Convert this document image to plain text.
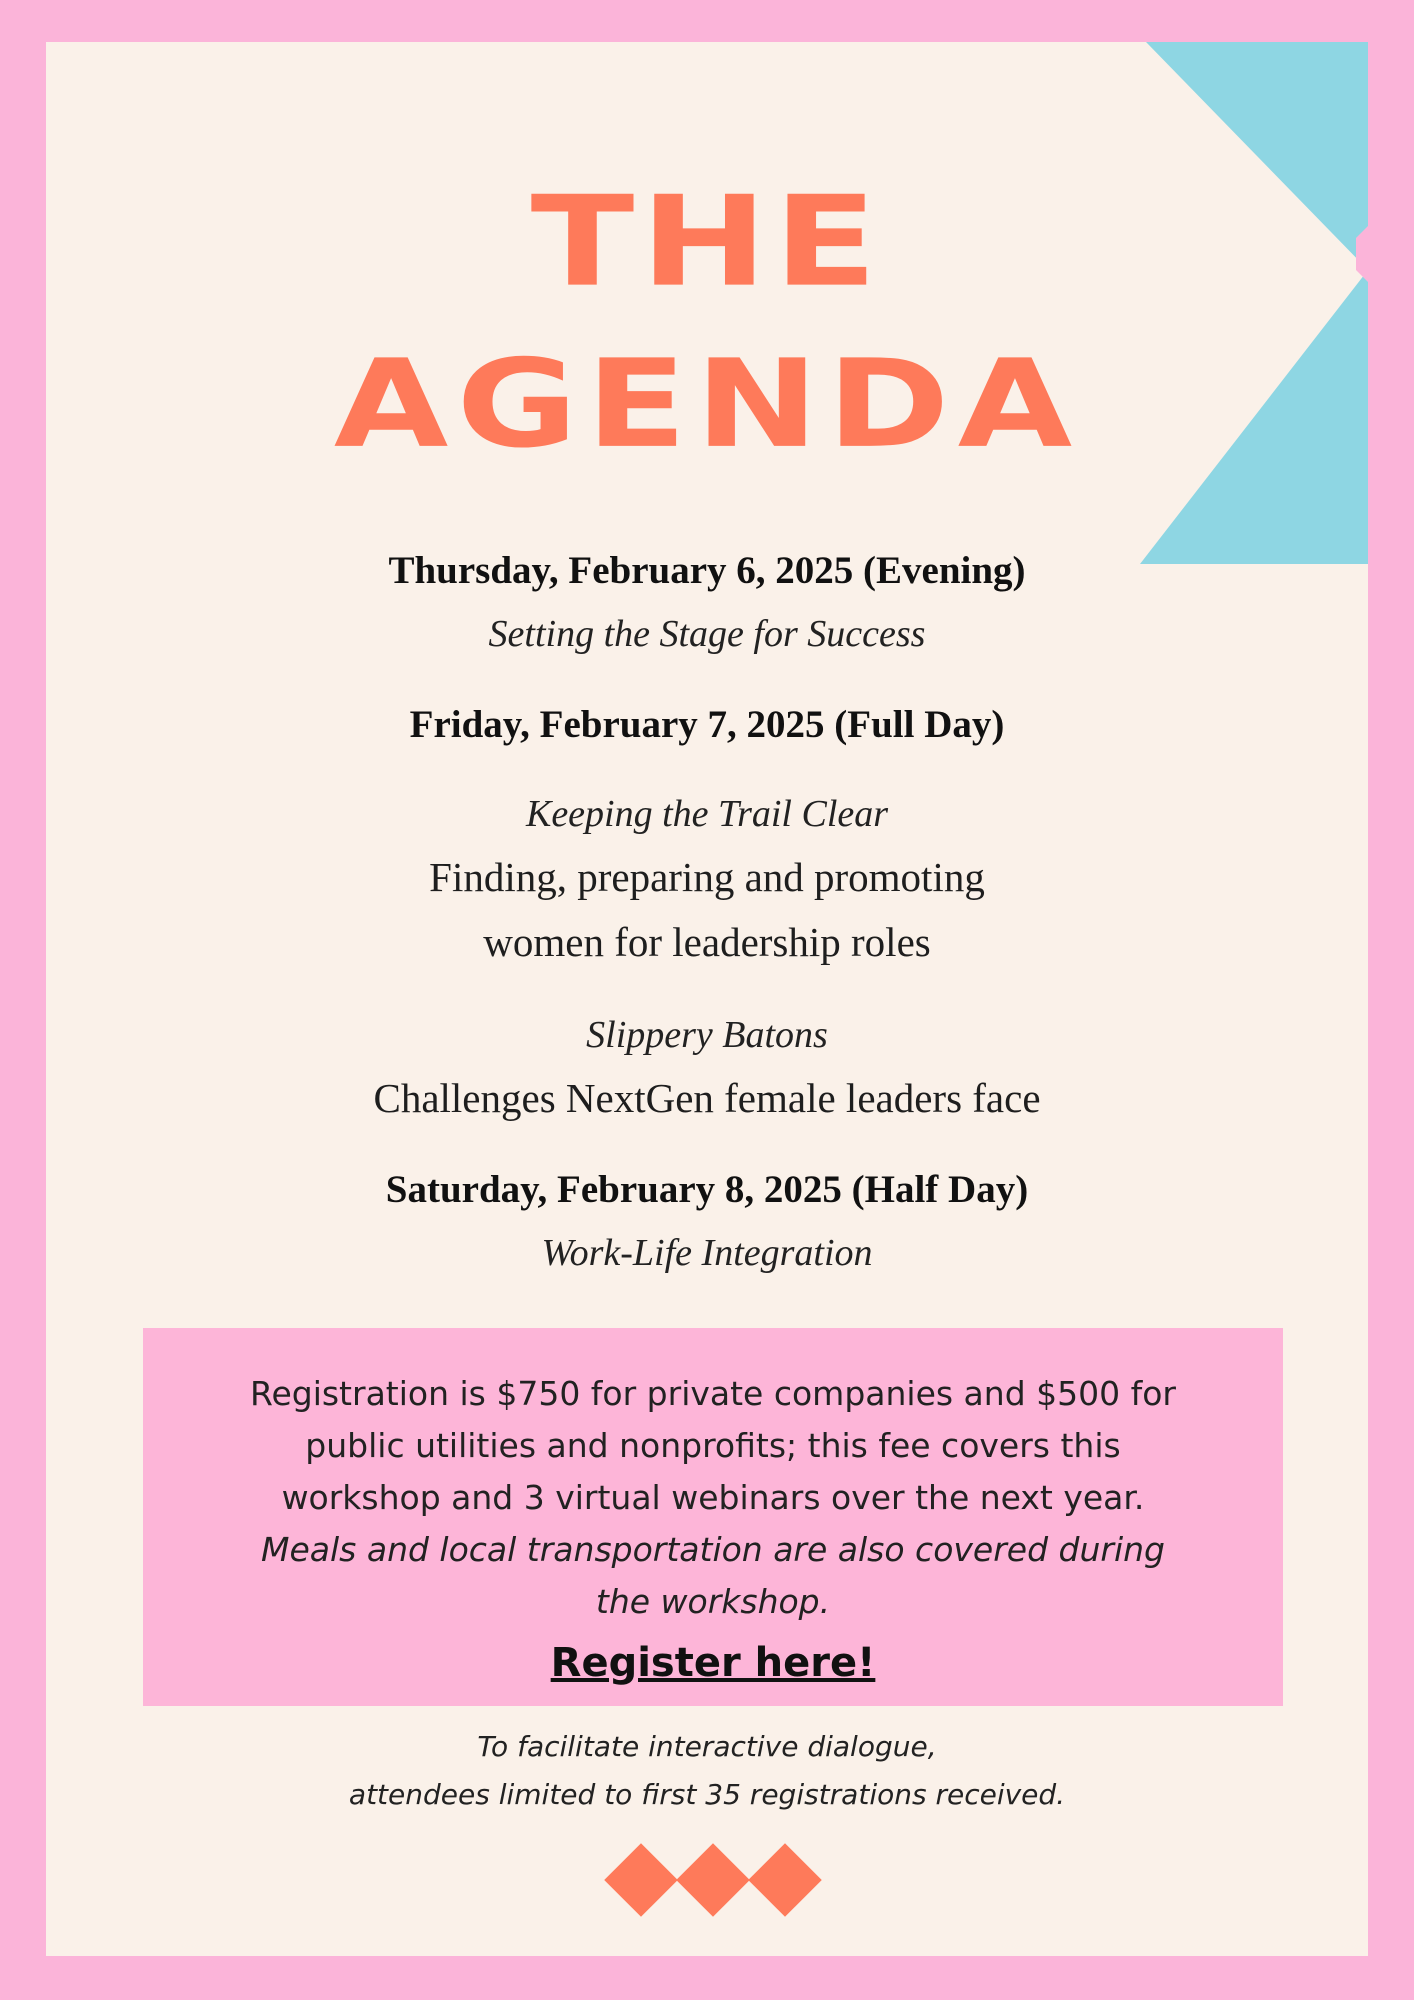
THE
AGENDA
Thursday, February 6, 2025 (Evening)
Setting the Stage for Success
Friday, February 7, 2025 (Full Day)
Keeping the Trail Clear
Finding, preparing and promoting
women for leadership roles
Slippery Batons
Challenges NextGen female leaders face
Saturday, February 8, 2025 (Half Day)
Work-Life Integration
Registration is $750 for private companies and $500 for
public utilities and nonprofits; this fee covers this
workshop and 3 virtual webinars over the next year.
Meals and local transportation are also covered during
the workshop.
Register here!
To facilitate interactive dialogue,
attendees limited to first 35 registrations received.
